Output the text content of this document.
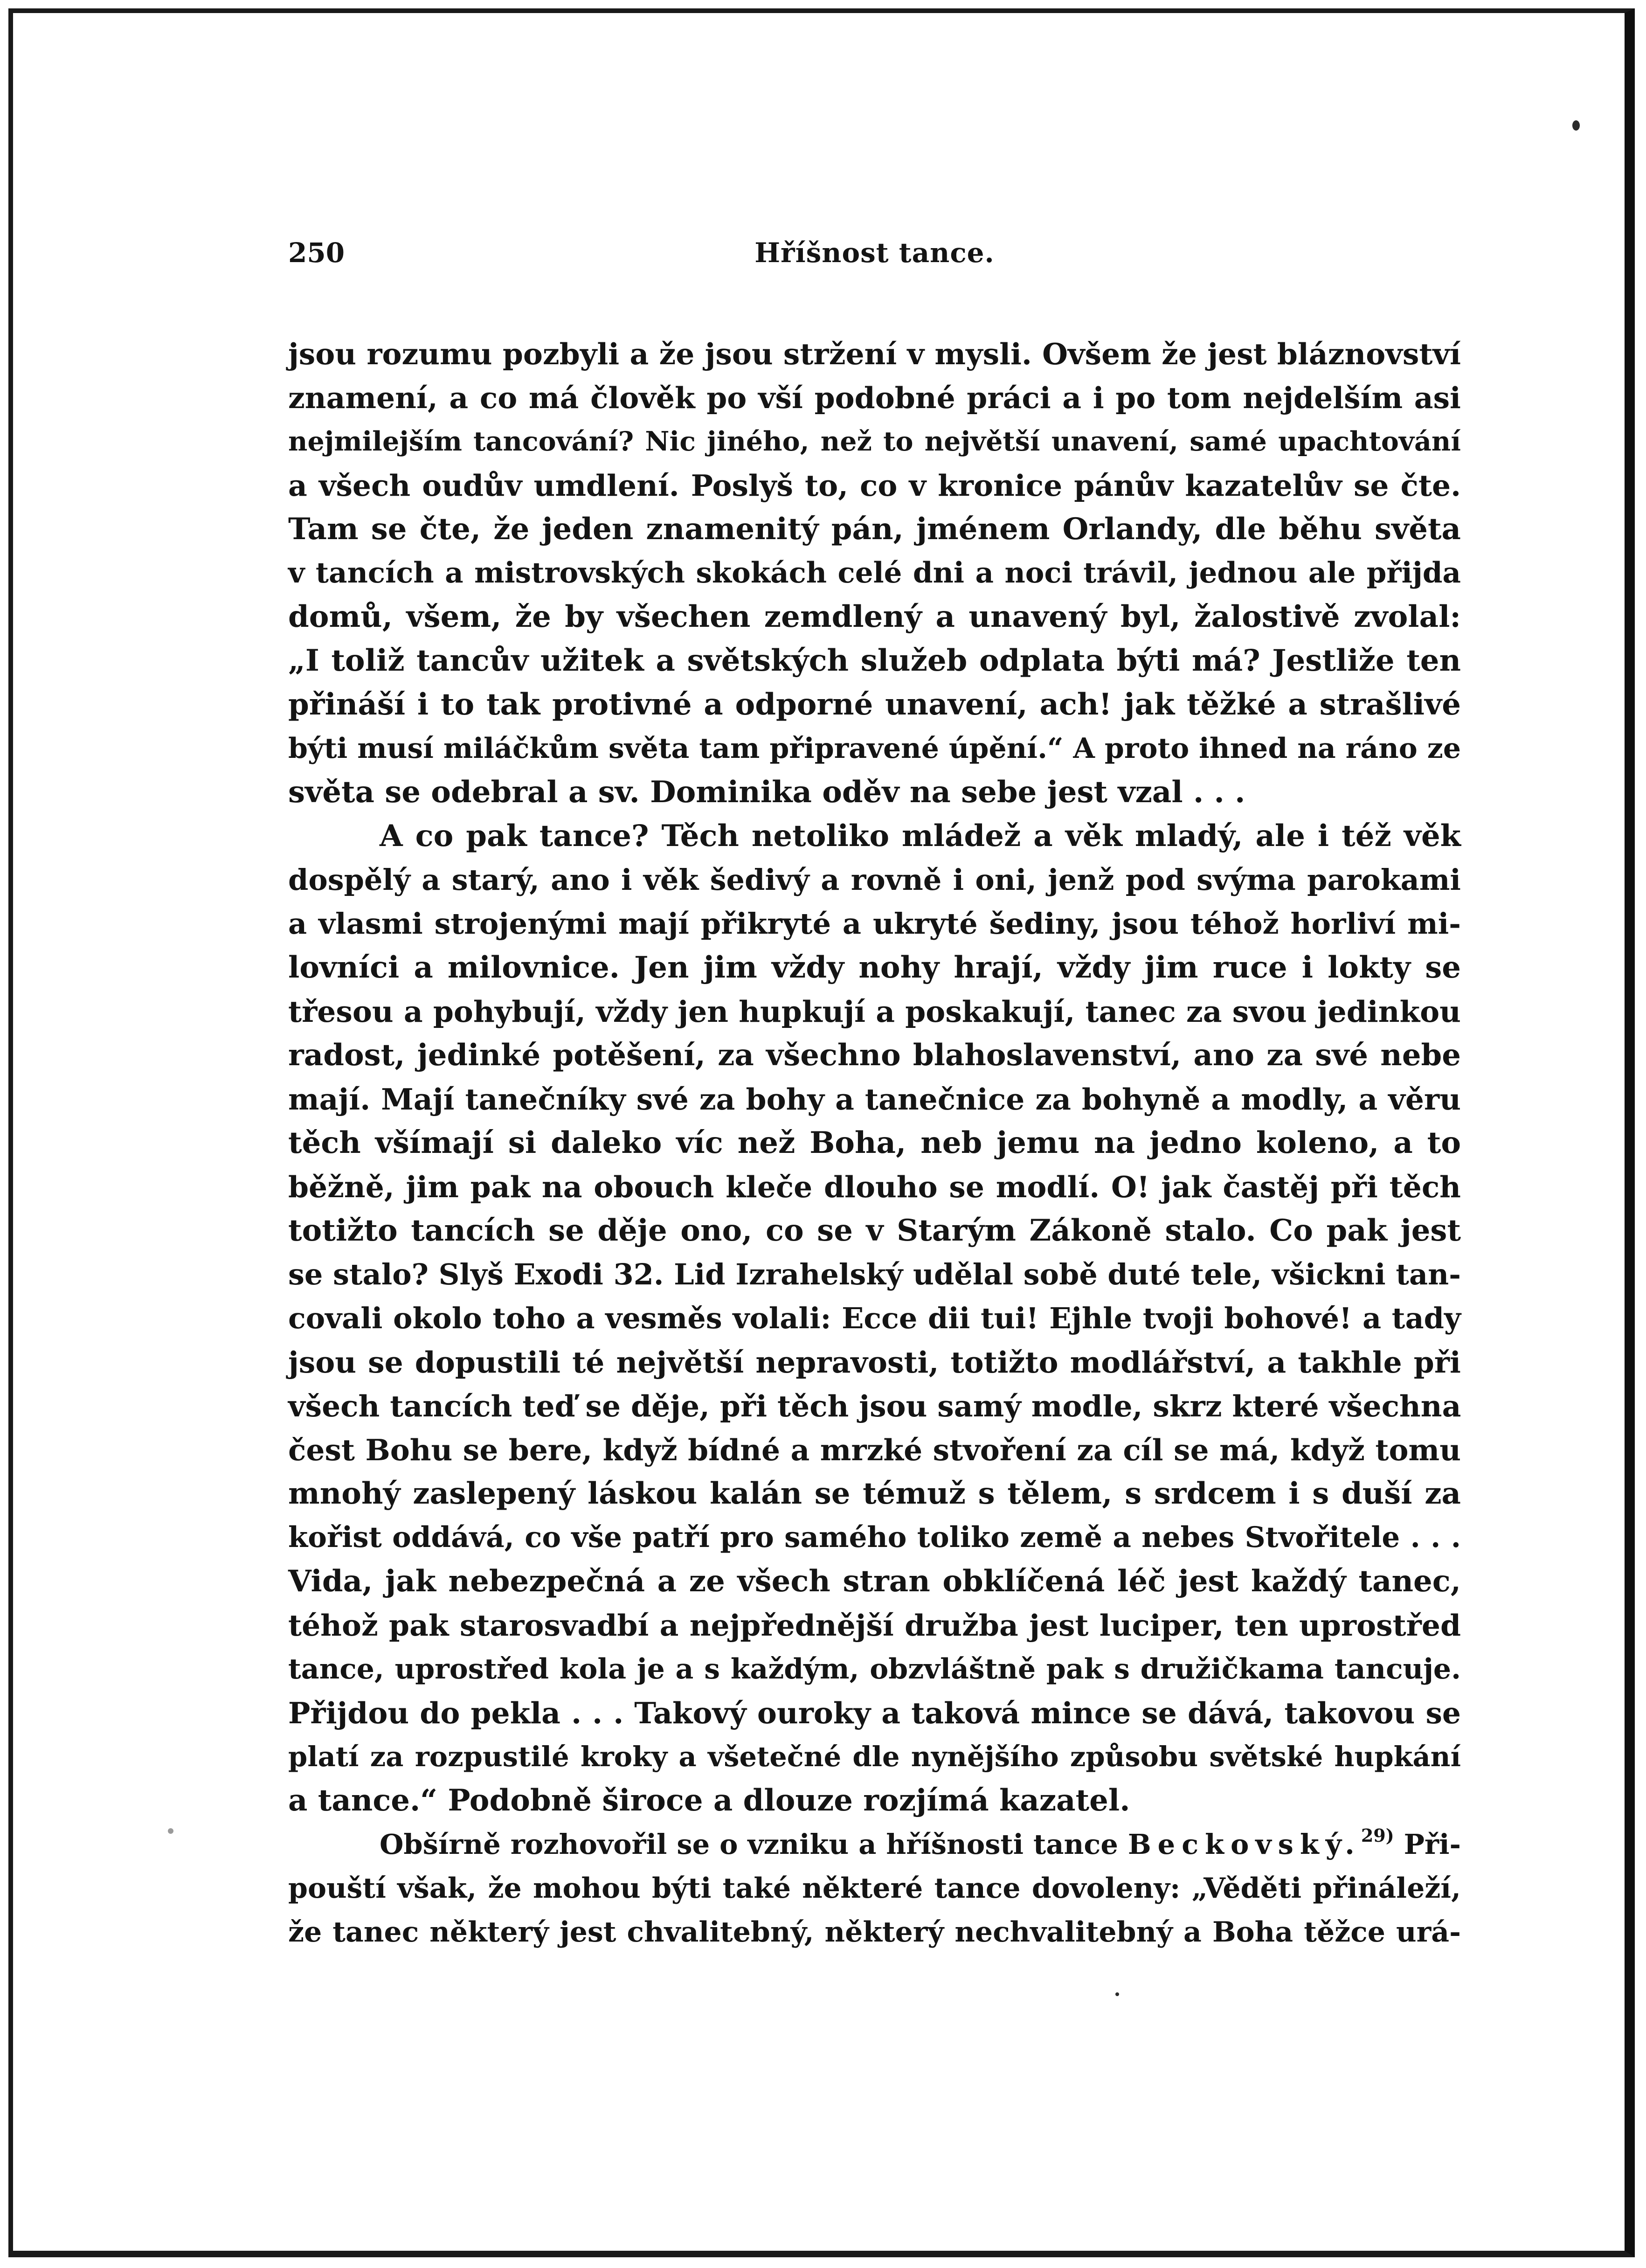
250	Hříšnost tance.
jsou rozumu pozbyli a že jsou stržení v mysli. Ovšem že jest bláznovství
znamení, a co má člověk po vší podobné práci a i po tom nejdelším asi
nejmilejším tancování? Nic jiného, než to největší unavení, samé upachtování
a všech oudův umdlení. Poslyš to, co v kronice pánův kazatelův se čte.
Tam se čte, že jeden znamenitý pán, jménem Orlandy, dle běhu světa
v tancích a mistrovských skokách celé dni a noci trávil, jednou ale přijda
domů, všem, že by všechen zemdlený a unavený byl, žalostivě zvolal:
„I toliž tancův užitek a světských služeb odplata býti má? Jestliže ten
přináší i to tak protivné a odporné unavení, ach! jak těžké a strašlivé
býti musí miláčkům světa tam připravené úpění.“ A proto ihned na ráno ze
světa se odebral a sv. Dominika oděv na sebe jest vzal . . .
A co pak tance? Těch netoliko mládež a věk mladý, ale i též věk
dospělý a starý, ano i věk šedivý a rovně i oni, jenž pod svýma parokami
a vlasmi strojenými mají přikryté a ukryté šediny, jsou téhož horliví mi-
lovníci a milovnice. Jen jim vždy nohy hrají, vždy jim ruce i lokty se
třesou a pohybují, vždy jen hupkují a poskakují, tanec za svou jedinkou
radost, jedinké potěšení, za všechno blahoslavenství, ano za své nebe
mají. Mají tanečníky své za bohy a tanečnice za bohyně a modly, a věru
těch všímají si daleko víc než Boha, neb jemu na jedno koleno, a to
běžně, jim pak na obouch kleče dlouho se modlí. O! jak častěj při těch
totižto tancích se děje ono, co se v Starým Zákoně stalo. Co pak jest
se stalo? Slyš Exodi 32. Lid Izrahelský udělal sobě duté tele, všickni tan-
covali okolo toho a vesměs volali: Ecce dii tui! Ejhle tvoji bohové! a tady
jsou se dopustili té největší nepravosti, totižto modlářství, a takhle při
všech tancích teď se děje, při těch jsou samý modle, skrz které všechna
čest Bohu se bere, když bídné a mrzké stvoření za cíl se má, když tomu
mnohý zaslepený láskou kalán se témuž s tělem, s srdcem i s duší za
kořist oddává, co vše patří pro samého toliko země a nebes Stvořitele . . .
Vida, jak nebezpečná a ze všech stran obklíčená léč jest každý tanec,
téhož pak starosvadbí a nejpřednější družba jest luciper, ten uprostřed
tance, uprostřed kola je a s každým, obzvláštně pak s družičkama tancuje.
Přijdou do pekla . . . Takový ouroky a taková mince se dává, takovou se
platí za rozpustilé kroky a všetečné dle nynějšího způsobu světské hupkání
a tance.“ Podobně široce a dlouze rozjímá kazatel.
Obšírně rozhovořil se o vzniku a hříšnosti tance Beckovský.$^{29)}$ Při-
pouští však, že mohou býti také některé tance dovoleny: „Věděti přináleží,
že tanec některý jest chvalitebný, některý nechvalitebný a Boha těžce urá-
